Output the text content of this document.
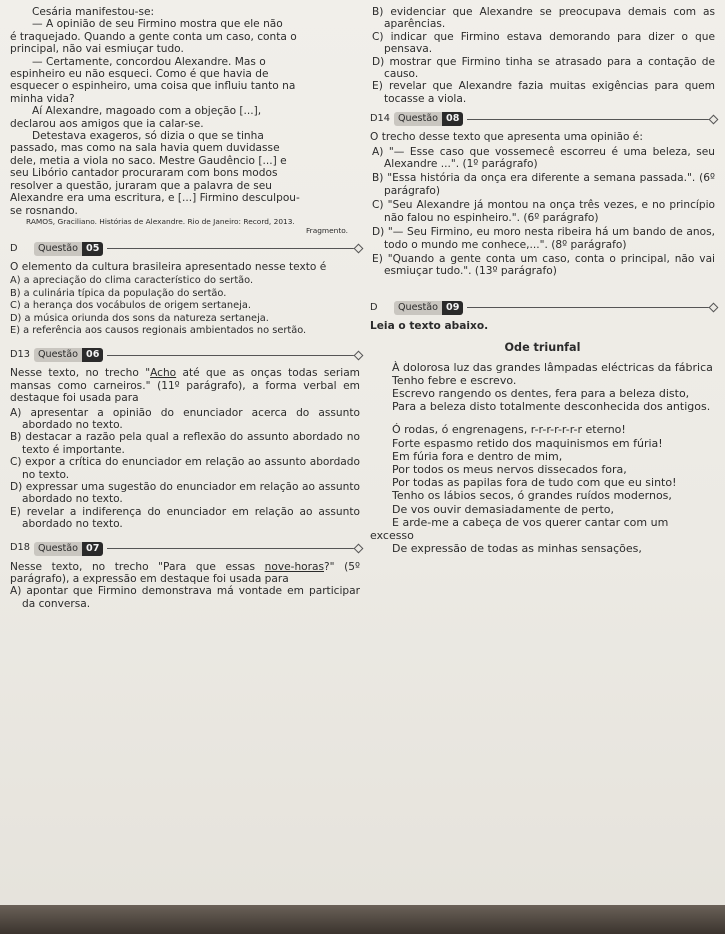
Cesária manifestou-se:

— A opinião de seu Firmino mostra que ele não

é traquejado. Quando a gente conta um caso, conta o

principal, não vai esmiuçar tudo.

— Certamente, concordou Alexandre. Mas o

espinheiro eu não esqueci. Como é que havia de

esquecer o espinheiro, uma coisa que influiu tanto na

minha vida?

Aí Alexandre, magoado com a objeção [...],

declarou aos amigos que ia calar-se.

Detestava exageros, só dizia o que se tinha

passado, mas como na sala havia quem duvidasse

dele, metia a viola no saco. Mestre Gaudêncio [...] e

seu Libório cantador procuraram com bons modos

resolver a questão, juraram que a palavra de seu

Alexandre era uma escritura, e [...] Firmino desculpou-

se rosnando.

RAMOS, Graciliano. Histórias de Alexandre. Rio de Janeiro: Record, 2013.

Fragmento.

D	Questão 05

O elemento da cultura brasileira apresentado nesse texto é

A) a apreciação do clima característico do sertão.

B) a culinária típica da população do sertão.

C) a herança dos vocábulos de origem sertaneja.

D) a música oriunda dos sons da natureza sertaneja.

E) a referência aos causos regionais ambientados no sertão.

D13 Questão 06

Nesse texto, no trecho "Acho até que as onças todas seriam mansas como carneiros." (11º parágrafo), a forma verbal em destaque foi usada para

A) apresentar a opinião do enunciador acerca do assunto abordado no texto.

B) destacar a razão pela qual a reflexão do assunto abordado no texto é importante.

C) expor a crítica do enunciador em relação ao assunto abordado no texto.

D) expressar uma sugestão do enunciador em relação ao assunto abordado no texto.

E) revelar a indiferença do enunciador em relação ao assunto abordado no texto.

D18 Questão 07

Nesse texto, no trecho "Para que essas nove-horas?" (5º parágrafo), a expressão em destaque foi usada para

A) apontar que Firmino demonstrava má vontade em participar da conversa.

B) evidenciar que Alexandre se preocupava demais com as aparências.

C) indicar que Firmino estava demorando para dizer o que pensava.

D) mostrar que Firmino tinha se atrasado para a contação de causo.

E) revelar que Alexandre fazia muitas exigências para quem tocasse a viola.

D14 Questão 08

O trecho desse texto que apresenta uma opinião é:

A) "— Esse caso que vossemecê escorreu é uma beleza, seu Alexandre ...". (1º parágrafo)

B) "Essa história da onça era diferente a semana passada.". (6º parágrafo)

C) "Seu Alexandre já montou na onça três vezes, e no princípio não falou no espinheiro.". (6º parágrafo)

D) "— Seu Firmino, eu moro nesta ribeira há um bando de anos, todo o mundo me conhece,...". (8º parágrafo)

E) "Quando a gente conta um caso, conta o principal, não vai esmiuçar tudo.". (13º parágrafo)

D	Questão 09

Leia o texto abaixo.

Ode triunfal

À dolorosa luz das grandes lâmpadas eléctricas da fábrica

Tenho febre e escrevo.

Escrevo rangendo os dentes, fera para a beleza disto,

Para a beleza disto totalmente desconhecida dos antigos.

Ó rodas, ó engrenagens, r-r-r-r-r-r-r eterno!

Forte espasmo retido dos maquinismos em fúria!

Em fúria fora e dentro de mim,

Por todos os meus nervos dissecados fora,

Por todas as papilas fora de tudo com que eu sinto!

Tenho os lábios secos, ó grandes ruídos modernos,

De vos ouvir demasiadamente de perto,

E arde-me a cabeça de vos querer cantar com um excesso

De expressão de todas as minhas sensações,
